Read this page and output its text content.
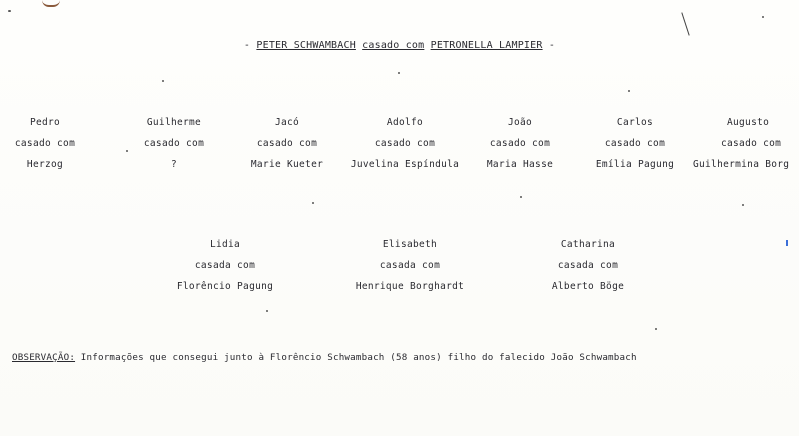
- PETER SCHWAMBACH casado com PETRONELLA LAMPIER -
Pedro
casado com
Herzog
Guilherme
casado com
?
Jacó
casado com
Marie Kueter
Adolfo
casado com
Juvelina Espíndula
João
casado com
Maria Hasse
Carlos
casado com
Emília Pagung
Augusto
casado com
Guilhermina Borg
Lidia
casada com
Florêncio Pagung
Elisabeth
casada com
Henrique Borghardt
Catharina
casada com
Alberto Böge
OBSERVAÇÃO: Informações que consegui junto à Florêncio Schwambach (58 anos) filho do falecido João Schwambach
